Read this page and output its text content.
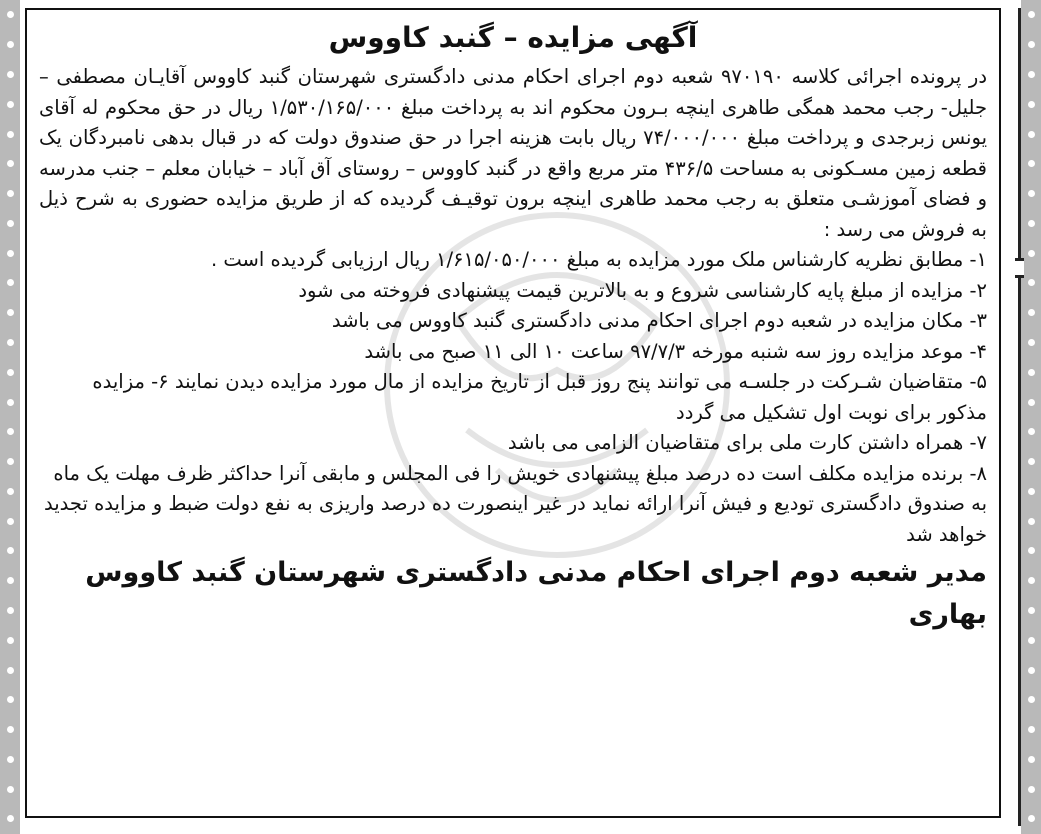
آگهی مزایده – گنبد کاووس

در پرونده اجرائی کلاسه ۹۷۰۱۹۰ شعبه دوم اجرای احکام مدنی دادگستری شهرستان گنبد کاووس آقایـان مصطفی – جلیل- رجب محمد همگی طاهری اینچه بـرون محکوم اند به پرداخت مبلغ ۱/۵۳۰/۱۶۵/۰۰۰ ریال در حق محکوم له آقای یونس زبرجدی و پرداخت مبلغ ۷۴/۰۰۰/۰۰۰ ریال بابت هزینه اجرا در حق صندوق دولت که در قبال بدهی نامبردگان یک قطعه زمین مسـکونی به مساحت ۴۳۶/۵ متر مربع واقع در گنبد کاووس – روستای آق آباد – خیابان معلم – جنب مدرسه و فضای آموزشـی متعلق به رجب محمد طاهری اینچه برون توقیـف گردیده که از طریق مزایده حضوری به شرح ذیل به فروش می رسد :

۱- مطابق نظریه کارشناس ملک مورد مزایده به مبلغ ۱/۶۱۵/۰۵۰/۰۰۰ ریال ارزیابی گردیده است .
۲- مزایده از مبلغ پایه کارشناسی شروع و به بالاترین قیمت پیشنهادی فروخته می شود
۳- مکان مزایده در شعبه دوم اجرای احکام مدنی دادگستری گنبد کاووس می باشد
۴- موعد مزایده روز سه شنبه مورخه ۹۷/۷/۳ ساعت ۱۰ الی ۱۱ صبح می باشد
۵- متقاضیان شـرکت در جلسـه می توانند پنج روز قبل از تاریخ مزایده از مال مورد مزایده دیدن نمایند ۶- مزایده مذکور برای نوبت اول تشکیل می گردد
۷- همراه داشتن کارت ملی برای متقاضیان الزامی می باشد
۸- برنده مزایده مکلف است ده درصد مبلغ پیشنهادی خویش را فی المجلس و مابقی آنرا حداکثر ظرف مهلت یک ماه به صندوق دادگستری تودیع و فیش آنرا ارائه نماید در غیر اینصورت ده درصد واریزی به نفع دولت ضبط و مزایده تجدید خواهد شد
مدیر شعبه دوم اجرای احکام مدنی دادگستری شهرستان گنبد کاووس
بهاری
